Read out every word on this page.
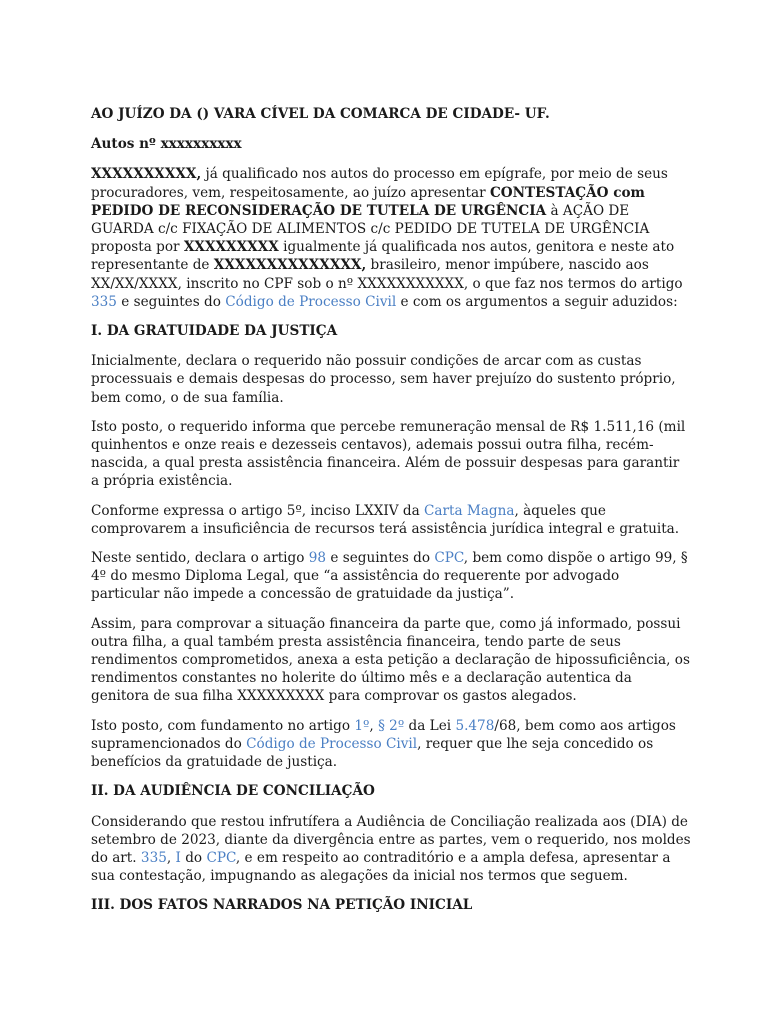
AO JUÍZO DA () VARA CÍVEL DA COMARCA DE CIDADE- UF.

Autos nº xxxxxxxxxx

XXXXXXXXXX, já qualificado nos autos do processo em epígrafe, por meio de seus procuradores, vem, respeitosamente, ao juízo apresentar CONTESTAÇÃO com PEDIDO DE RECONSIDERAÇÃO DE TUTELA DE URGÊNCIA à AÇÃO DE GUARDA c/c FIXAÇÃO DE ALIMENTOS c/c PEDIDO DE TUTELA DE URGÊNCIA proposta por XXXXXXXXX igualmente já qualificada nos autos, genitora e neste ato representante de XXXXXXXXXXXXXX, brasileiro, menor impúbere, nascido aos XX/XX/XXXX, inscrito no CPF sob o nº XXXXXXXXXXX, o que faz nos termos do artigo 335 e seguintes do Código de Processo Civil e com os argumentos a seguir aduzidos:

I. DA GRATUIDADE DA JUSTIÇA

Inicialmente, declara o requerido não possuir condições de arcar com as custas processuais e demais despesas do processo, sem haver prejuízo do sustento próprio, bem como, o de sua família.

Isto posto, o requerido informa que percebe remuneração mensal de R$ 1.511,16 (mil quinhentos e onze reais e dezesseis centavos), ademais possui outra filha, recém-nascida, a qual presta assistência financeira. Além de possuir despesas para garantir a própria existência.

Conforme expressa o artigo 5º, inciso LXXIV da Carta Magna, àqueles que comprovarem a insuficiência de recursos terá assistência jurídica integral e gratuita.

Neste sentido, declara o artigo 98 e seguintes do CPC, bem como dispõe o artigo 99, § 4º do mesmo Diploma Legal, que “a assistência do requerente por advogado particular não impede a concessão de gratuidade da justiça”.

Assim, para comprovar a situação financeira da parte que, como já informado, possui outra filha, a qual também presta assistência financeira, tendo parte de seus rendimentos comprometidos, anexa a esta petição a declaração de hipossuficiência, os rendimentos constantes no holerite do último mês e a declaração autentica da genitora de sua filha XXXXXXXXX para comprovar os gastos alegados.

Isto posto, com fundamento no artigo 1º, § 2º da Lei 5.478/68, bem como aos artigos supramencionados do Código de Processo Civil, requer que lhe seja concedido os benefícios da gratuidade de justiça.

II. DA AUDIÊNCIA DE CONCILIAÇÃO

Considerando que restou infrutífera a Audiência de Conciliação realizada aos (DIA) de setembro de 2023, diante da divergência entre as partes, vem o requerido, nos moldes do art. 335, I do CPC, e em respeito ao contraditório e a ampla defesa, apresentar a sua contestação, impugnando as alegações da inicial nos termos que seguem.

III. DOS FATOS NARRADOS NA PETIÇÃO INICIAL
